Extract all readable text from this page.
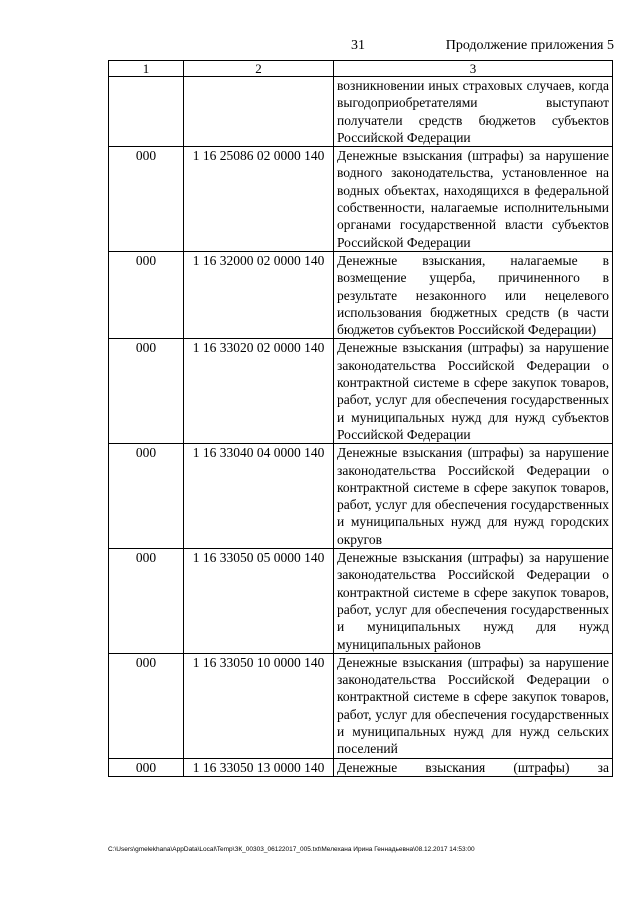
31	Продолжение приложения 5
1	2	3
		возникновении иных страховых случаев, когда выгодоприобретателями выступают получатели средств бюджетов субъектов Российской Федерации
000	1 16 25086 02 0000 140	Денежные взыскания (штрафы) за нарушение водного законодательства, установленное на водных объектах, находящихся в федеральной собственности, налагаемые исполнительными органами государственной власти субъектов Российской Федерации
000	1 16 32000 02 0000 140	Денежные взыскания, налагаемые в возмещение ущерба, причиненного в результате незаконного или нецелевого использования бюджетных средств (в части бюджетов субъектов Российской Федерации)
000	1 16 33020 02 0000 140	Денежные взыскания (штрафы) за нарушение законодательства Российской Федерации о контрактной системе в сфере закупок товаров, работ, услуг для обеспечения государственных и муниципальных нужд для нужд субъектов Российской Федерации
000	1 16 33040 04 0000 140	Денежные взыскания (штрафы) за нарушение законодательства Российской Федерации о контрактной системе в сфере закупок товаров, работ, услуг для обеспечения государственных и муниципальных нужд для нужд городских округов
000	1 16 33050 05 0000 140	Денежные взыскания (штрафы) за нарушение законодательства Российской Федерации о контрактной системе в сфере закупок товаров, работ, услуг для обеспечения государственных и муниципальных нужд для нужд муниципальных районов
000	1 16 33050 10 0000 140	Денежные взыскания (штрафы) за нарушение законодательства Российской Федерации о контрактной системе в сфере закупок товаров, работ, услуг для обеспечения государственных и муниципальных нужд для нужд сельских поселений
000	1 16 33050 13 0000 140	Денежные взыскания (штрафы) за
C:\Users\gmelekhana\AppData\Local\Temp\ЗК_00303_06122017_005.txt\Мелехана Ирина Геннадьевна\08.12.2017 14:53:00
